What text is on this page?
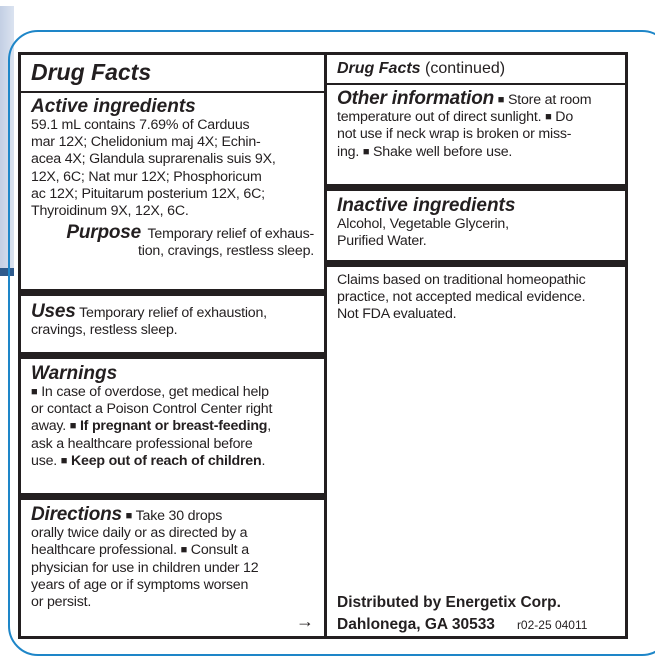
Drug Facts
Active ingredients
59.1 mL contains 7.69% of Carduus
mar 12X; Chelidonium maj 4X; Echin-
acea 4X; Glandula suprarenalis suis 9X,
12X, 6C; Nat mur 12X; Phosphoricum
ac 12X; Pituitarum posterium 12X, 6C;
Thyroidinum 9X, 12X, 6C.
Purpose Temporary relief of exhaus-
tion, cravings, restless sleep.
Uses Temporary relief of exhaustion,
cravings, restless sleep.
Warnings
■ In case of overdose, get medical help
or contact a Poison Control Center right
away. ■ If pregnant or breast-feeding,
ask a healthcare professional before
use. ■ Keep out of reach of children.
Directions ■ Take 30 drops
orally twice daily or as directed by a
healthcare professional. ■ Consult a
physician for use in children under 12
years of age or if symptoms worsen
or persist.
→
Drug Facts (continued)
Other information ■ Store at room
temperature out of direct sunlight. ■ Do
not use if neck wrap is broken or miss-
ing. ■ Shake well before use.
Inactive ingredients
Alcohol, Vegetable Glycerin,
Purified Water.
Claims based on traditional homeopathic
practice, not accepted medical evidence.
Not FDA evaluated.
Distributed by Energetix Corp.
Dahlonega, GA 30533 r02-25 04011
